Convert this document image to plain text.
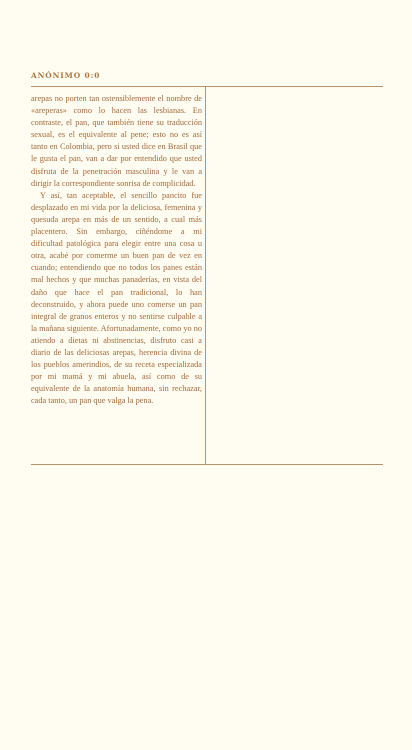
ANÓNIMO 0:0

arepas no porten tan ostensiblemente el nombre de «areperas» como lo hacen las lesbianas. En contraste, el pan, que también tiene su traducción sexual, es el equivalente al pene; esto no es así tanto en Colombia, pero si usted dice en Brasil que le gusta el pan, van a dar por entendido que usted disfruta de la penetración masculina y le van a dirigir la correspondiente sonrisa de complicidad.

Y así, tan aceptable, el sencillo pancito fue desplazado en mi vida por la deliciosa, femenina y quesuda arepa en más de un sentido, a cual más placentero. Sin embargo, ciñéndome a mi dificultad patológica para elegir entre una cosa u otra, acabé por comerme un buen pan de vez en cuando; entendiendo que no todos los panes están mal hechos y que muchas panaderías, en vista del daño que hace el pan tradicional, lo han deconstruido, y ahora puede uno comerse un pan integral de granos enteros y no sentirse culpable a la mañana siguiente. Afortunadamente, como yo no atiendo a dietas ni abstinencias, disfruto casi a diario de las deliciosas arepas, herencia divina de los pueblos amerindios, de su receta especializada por mi mamá y mi abuela, así como de su equivalente de la anatomía humana, sin rechazar, cada tanto, un pan que valga la pena.
